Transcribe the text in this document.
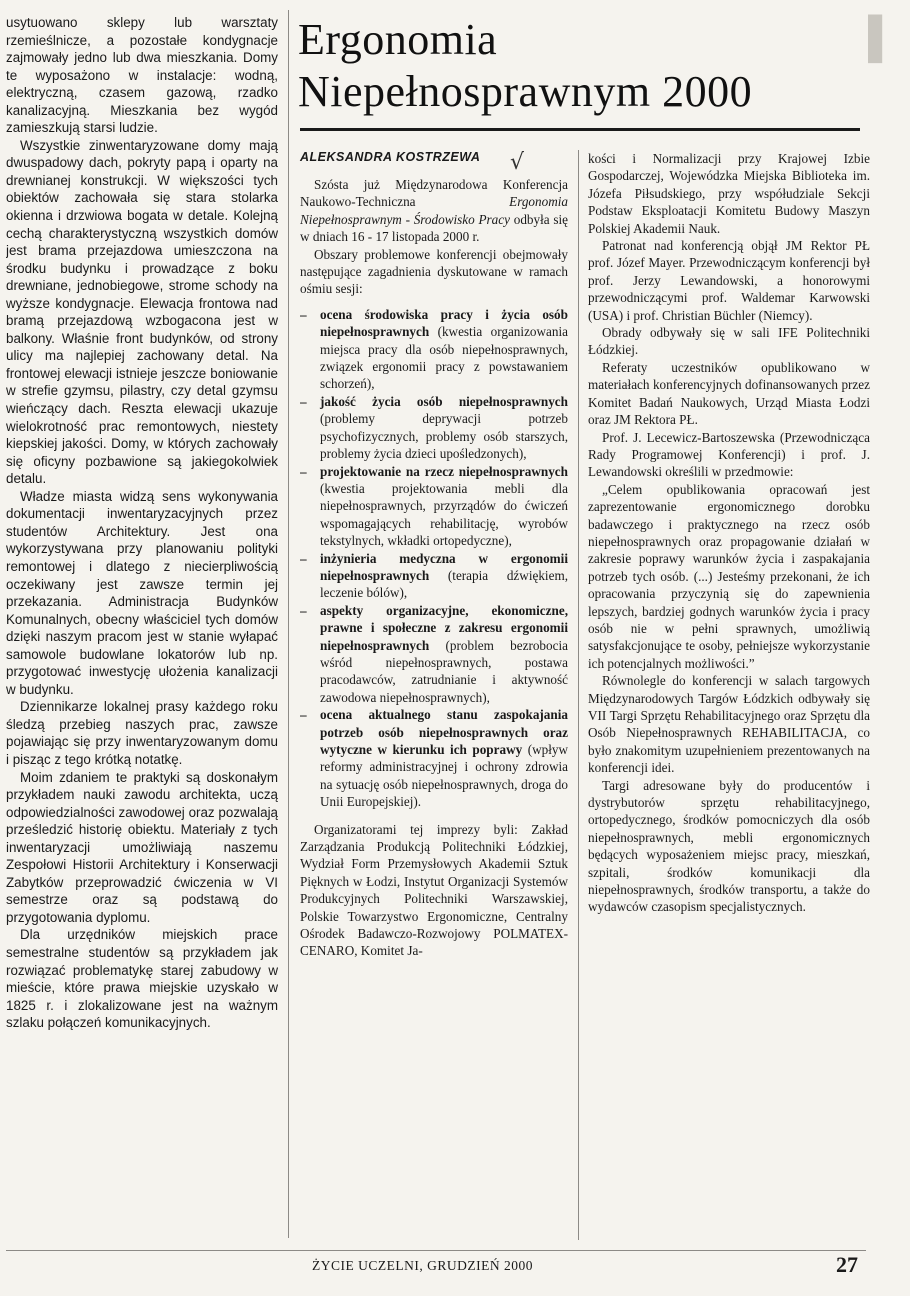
▌

usytuowano sklepy lub warsztaty rzemieślnicze, a pozostałe kondygnacje zajmowały jedno lub dwa mieszkania. Domy te wyposażono w instalacje: wodną, elektryczną, czasem gazową, rzadko kanalizacyjną. Mieszkania bez wygód zamieszkują starsi ludzie.

Wszystkie zinwentaryzowane domy mają dwuspadowy dach, pokryty papą i oparty na drewnianej konstrukcji. W większości tych obiektów zachowała się stara stolarka okienna i drzwiowa bogata w detale. Kolejną cechą charakterystyczną wszystkich domów jest brama przejazdowa umieszczona na środku budynku i prowadzące z boku drewniane, jednobiegowe, strome schody na wyższe kondygnacje. Elewacja frontowa nad bramą przejazdową wzbogacona jest w balkony. Właśnie front budynków, od strony ulicy ma najlepiej zachowany detal. Na frontowej elewacji istnieje jeszcze boniowanie w strefie gzymsu, pilastry, czy detal gzymsu wieńczący dach. Reszta elewacji ukazuje wielokrotność prac remontowych, niestety kiepskiej jakości. Domy, w których zachowały się oficyny pozbawione są jakiegokolwiek detalu.

Władze miasta widzą sens wykonywania dokumentacji inwentaryzacyjnych przez studentów Architektury. Jest ona wykorzystywana przy planowaniu polityki remontowej i dlatego z niecierpliwością oczekiwany jest zawsze termin jej przekazania. Administracja Budynków Komunalnych, obecny właściciel tych domów dzięki naszym pracom jest w stanie wyłapać samowole budowlane lokatorów lub np. przygotować inwestycję ułożenia kanalizacji w budynku.

Dziennikarze lokalnej prasy każdego roku śledzą przebieg naszych prac, zawsze pojawiając się przy inwentaryzowanym domu i pisząc z tego krótką notatkę.

Moim zdaniem te praktyki są doskonałym przykładem nauki zawodu architekta, uczą odpowiedzialności zawodowej oraz pozwalają prześledzić historię obiektu. Materiały z tych inwentaryzacji umożliwiają naszemu Zespołowi Historii Architektury i Konserwacji Zabytków przeprowadzić ćwiczenia w VI semestrze oraz są podstawą do przygotowania dyplomu.

Dla urzędników miejskich prace semestralne studentów są przykładem jak rozwiązać problematykę starej zabudowy w mieście, które prawa miejskie uzyskało w 1825 r. i zlokalizowane jest na ważnym szlaku połączeń komunikacyjnych.

Ergonomia
Niepełnosprawnym 2000
ALEKSANDRA KOSTRZEWA √

Szósta już Międzynarodowa Konferencja Naukowo-Techniczna Ergonomia Niepełnosprawnym - Środowisko Pracy odbyła się w dniach 16 - 17 listopada 2000 r.

Obszary problemowe konferencji obejmowały następujące zagadnienia dyskutowane w ramach ośmiu sesji:

– ocena środowiska pracy i życia osób niepełnosprawnych (kwestia organizowania miejsca pracy dla osób niepełnosprawnych, związek ergonomii pracy z powstawaniem schorzeń),
– jakość życia osób niepełnosprawnych (problemy deprywacji potrzeb psychofizycznych, problemy osób starszych, problemy życia dzieci upośledzonych),
– projektowanie na rzecz niepełnosprawnych (kwestia projektowania mebli dla niepełnosprawnych, przyrządów do ćwiczeń wspomagających rehabilitację, wyrobów tekstylnych, wkładki ortopedyczne),
– inżynieria medyczna w ergonomii niepełnosprawnych (terapia dźwiękiem, leczenie bólów),
– aspekty organizacyjne, ekonomiczne, prawne i społeczne z zakresu ergonomii niepełnosprawnych (problem bezrobocia wśród niepełnosprawnych, postawa pracodawców, zatrudnianie i aktywność zawodowa niepełnosprawnych),
– ocena aktualnego stanu zaspokajania potrzeb osób niepełnosprawnych oraz wytyczne w kierunku ich poprawy (wpływ reformy administracyjnej i ochrony zdrowia na sytuację osób niepełnosprawnych, droga do Unii Europejskiej).

Organizatorami tej imprezy byli: Zakład Zarządzania Produkcją Politechniki Łódzkiej, Wydział Form Przemysłowych Akademii Sztuk Pięknych w Łodzi, Instytut Organizacji Systemów Produkcyjnych Politechniki Warszawskiej, Polskie Towarzystwo Ergonomiczne, Centralny Ośrodek Badawczo-Rozwojowy POLMATEX-CENARO, Komitet Ja-

kości i Normalizacji przy Krajowej Izbie Gospodarczej, Wojewódzka Miejska Biblioteka im. Józefa Piłsudskiego, przy współudziale Sekcji Podstaw Eksploatacji Komitetu Budowy Maszyn Polskiej Akademii Nauk.

Patronat nad konferencją objął JM Rektor PŁ prof. Józef Mayer. Przewodniczącym konferencji był prof. Jerzy Lewandowski, a honorowymi przewodniczącymi prof. Waldemar Karwowski (USA) i prof. Christian Büchler (Niemcy).

Obrady odbywały się w sali IFE Politechniki Łódzkiej.

Referaty uczestników opublikowano w materiałach konferencyjnych dofinansowanych przez Komitet Badań Naukowych, Urząd Miasta Łodzi oraz JM Rektora PŁ.

Prof. J. Lecewicz-Bartoszewska (Przewodnicząca Rady Programowej Konferencji) i prof. J. Lewandowski określili w przedmowie:

„Celem opublikowania opracowań jest zaprezentowanie ergonomicznego dorobku badawczego i praktycznego na rzecz osób niepełnosprawnych oraz propagowanie działań w zakresie poprawy warunków życia i zaspakajania potrzeb tych osób. (...) Jesteśmy przekonani, że ich opracowania przyczynią się do zapewnienia lepszych, bardziej godnych warunków życia i pracy osób nie w pełni sprawnych, umożliwią satysfakcjonujące te osoby, pełniejsze wykorzystanie ich potencjalnych możliwości.”

Równolegle do konferencji w salach targowych Międzynarodowych Targów Łódzkich odbywały się VII Targi Sprzętu Rehabilitacyjnego oraz Sprzętu dla Osób Niepełnosprawnych REHABILITACJA, co było znakomitym uzupełnieniem prezentowanych na konferencji idei.

Targi adresowane były do producentów i dystrybutorów sprzętu rehabilitacyjnego, ortopedycznego, środków pomocniczych dla osób niepełnosprawnych, mebli ergonomicznych będących wyposażeniem miejsc pracy, mieszkań, szpitali, środków komunikacji dla niepełnosprawnych, środków transportu, a także do wydawców czasopism specjalistycznych.

ŻYCIE UCZELNI, GRUDZIEŃ 2000	27
